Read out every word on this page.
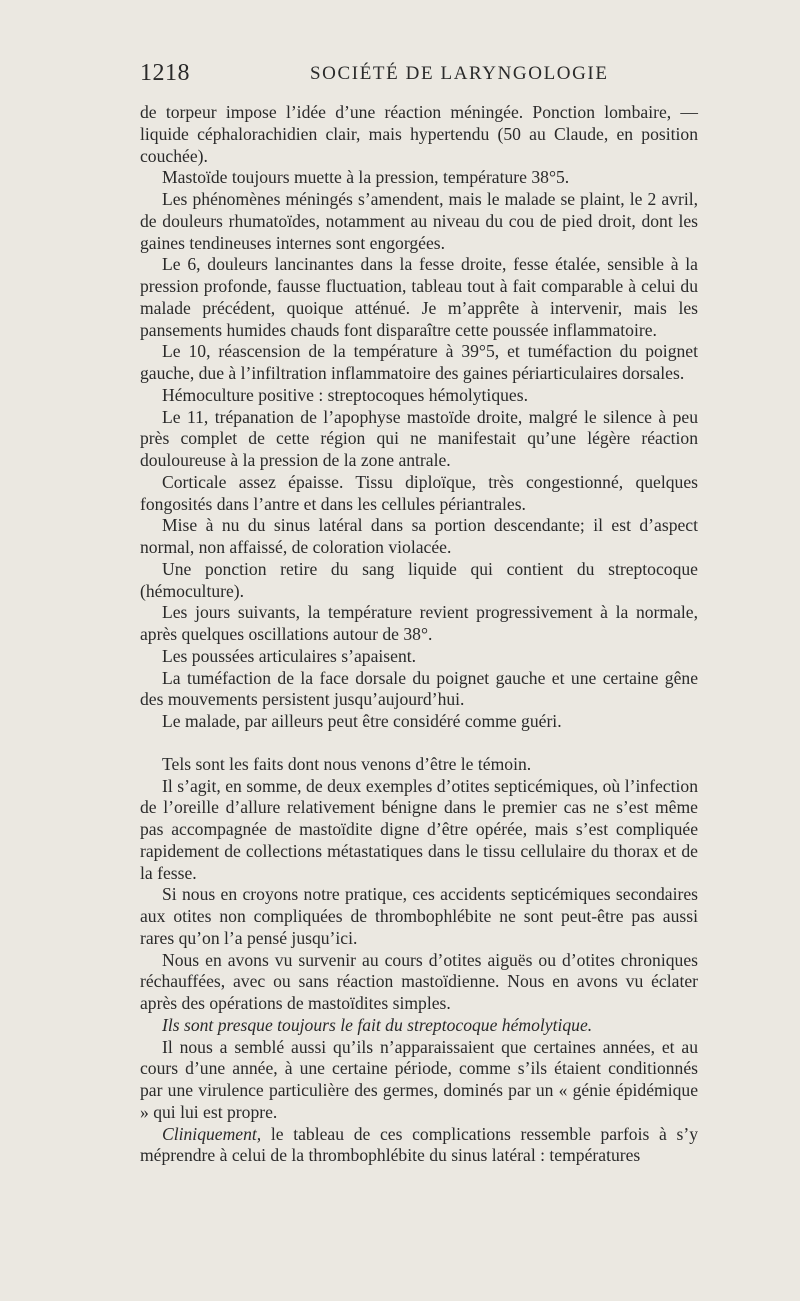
1218	SOCIÉTÉ DE LARYNGOLOGIE

de torpeur impose l’idée d’une réaction méningée. Ponction lombaire, — liquide céphalorachidien clair, mais hypertendu (50 au Claude, en position couchée).

Mastoïde toujours muette à la pression, température 38°5.

Les phénomènes méningés s’amendent, mais le malade se plaint, le 2 avril, de douleurs rhumatoïdes, notamment au niveau du cou de pied droit, dont les gaines tendineuses internes sont engorgées.

Le 6, douleurs lancinantes dans la fesse droite, fesse étalée, sensible à la pression profonde, fausse fluctuation, tableau tout à fait comparable à celui du malade précédent, quoique atténué. Je m’apprête à intervenir, mais les pansements humides chauds font disparaître cette poussée inflammatoire.

Le 10, réascension de la température à 39°5, et tuméfaction du poignet gauche, due à l’infiltration inflammatoire des gaines périarticulaires dorsales.

Hémoculture positive : streptocoques hémolytiques.

Le 11, trépanation de l’apophyse mastoïde droite, malgré le silence à peu près complet de cette région qui ne manifestait qu’une légère réaction douloureuse à la pression de la zone antrale.

Corticale assez épaisse. Tissu diploïque, très congestionné, quelques fongosités dans l’antre et dans les cellules périantrales.

Mise à nu du sinus latéral dans sa portion descendante; il est d’aspect normal, non affaissé, de coloration violacée.

Une ponction retire du sang liquide qui contient du streptocoque (hémoculture).

Les jours suivants, la température revient progressivement à la normale, après quelques oscillations autour de 38°.

Les poussées articulaires s’apaisent.

La tuméfaction de la face dorsale du poignet gauche et une certaine gêne des mouvements persistent jusqu’aujourd’hui.

Le malade, par ailleurs peut être considéré comme guéri.

Tels sont les faits dont nous venons d’être le témoin.

Il s’agit, en somme, de deux exemples d’otites septicémiques, où l’infection de l’oreille d’allure relativement bénigne dans le premier cas ne s’est même pas accompagnée de mastoïdite digne d’être opérée, mais s’est compliquée rapidement de collections métastatiques dans le tissu cellulaire du thorax et de la fesse.

Si nous en croyons notre pratique, ces accidents septicémiques secondaires aux otites non compliquées de thrombophlébite ne sont peut-être pas aussi rares qu’on l’a pensé jusqu’ici.

Nous en avons vu survenir au cours d’otites aiguës ou d’otites chroniques réchauffées, avec ou sans réaction mastoïdienne. Nous en avons vu éclater après des opérations de mastoïdites simples.

Ils sont presque toujours le fait du streptocoque hémolytique.

Il nous a semblé aussi qu’ils n’apparaissaient que certaines années, et au cours d’une année, à une certaine période, comme s’ils étaient conditionnés par une virulence particulière des germes, dominés par un « génie épidémique » qui lui est propre.

Cliniquement, le tableau de ces complications ressemble parfois à s’y méprendre à celui de la thrombophlébite du sinus latéral : températures
